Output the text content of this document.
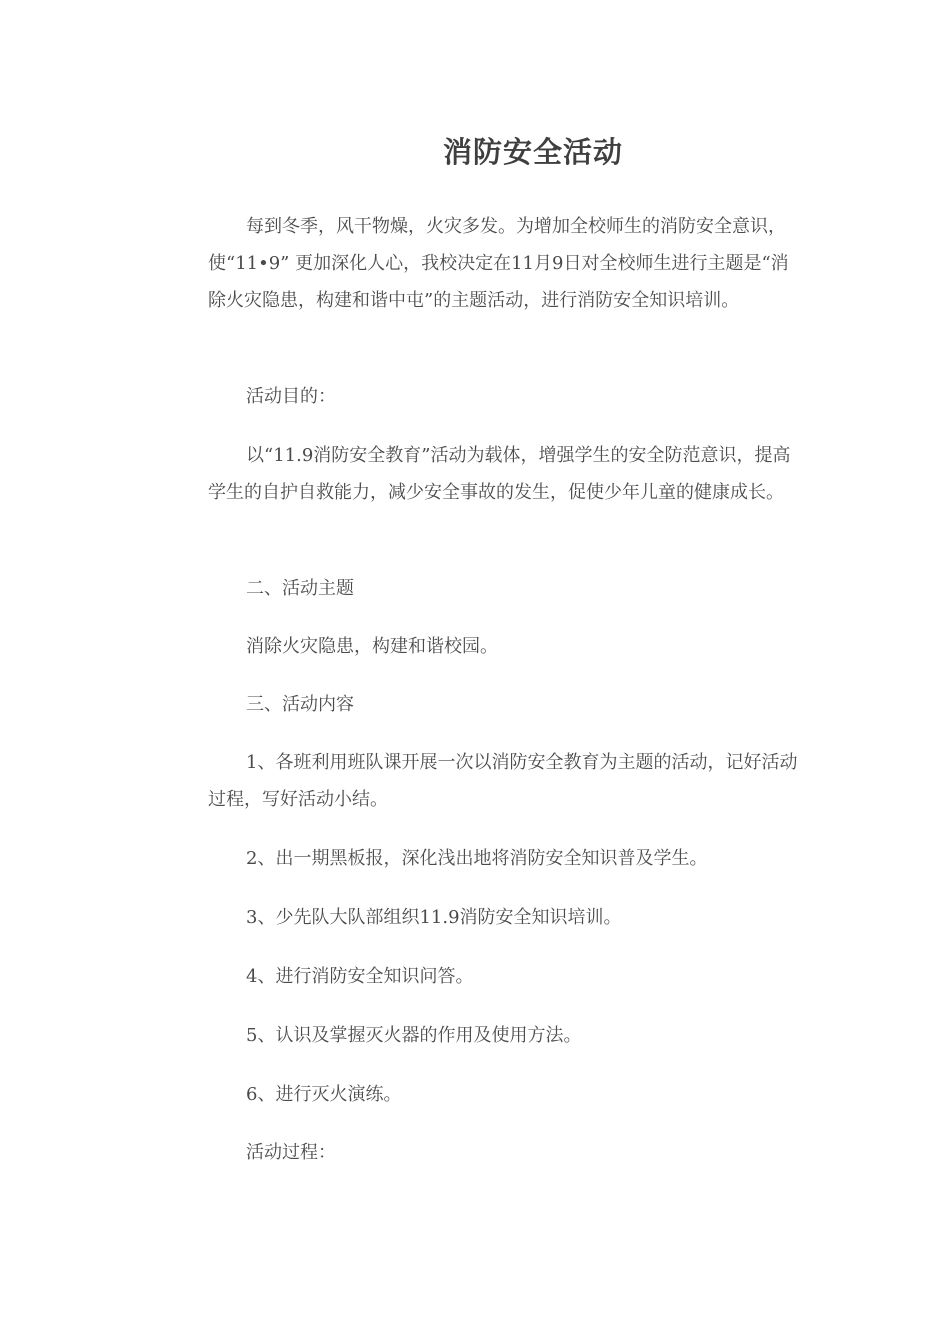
消防安全活动

每到冬季，风干物燥，火灾多发。为增加全校师生的消防安全意识，使“11•9” 更加深化人心，我校决定在11月9日对全校师生进行主题是“消除火灾隐患，构建和谐中屯”的主题活动，进行消防安全知识培训。

活动目的：

以“11.9消防安全教育”活动为载体，增强学生的安全防范意识，提高学生的自护自救能力，减少安全事故的发生，促使少年儿童的健康成长。

二、活动主题

消除火灾隐患，构建和谐校园。

三、活动内容

1、各班利用班队课开展一次以消防安全教育为主题的活动，记好活动过程，写好活动小结。

2、出一期黑板报，深化浅出地将消防安全知识普及学生。

3、少先队大队部组织11.9消防安全知识培训。

4、进行消防安全知识问答。

5、认识及掌握灭火器的作用及使用方法。

6、进行灭火演练。

活动过程：
